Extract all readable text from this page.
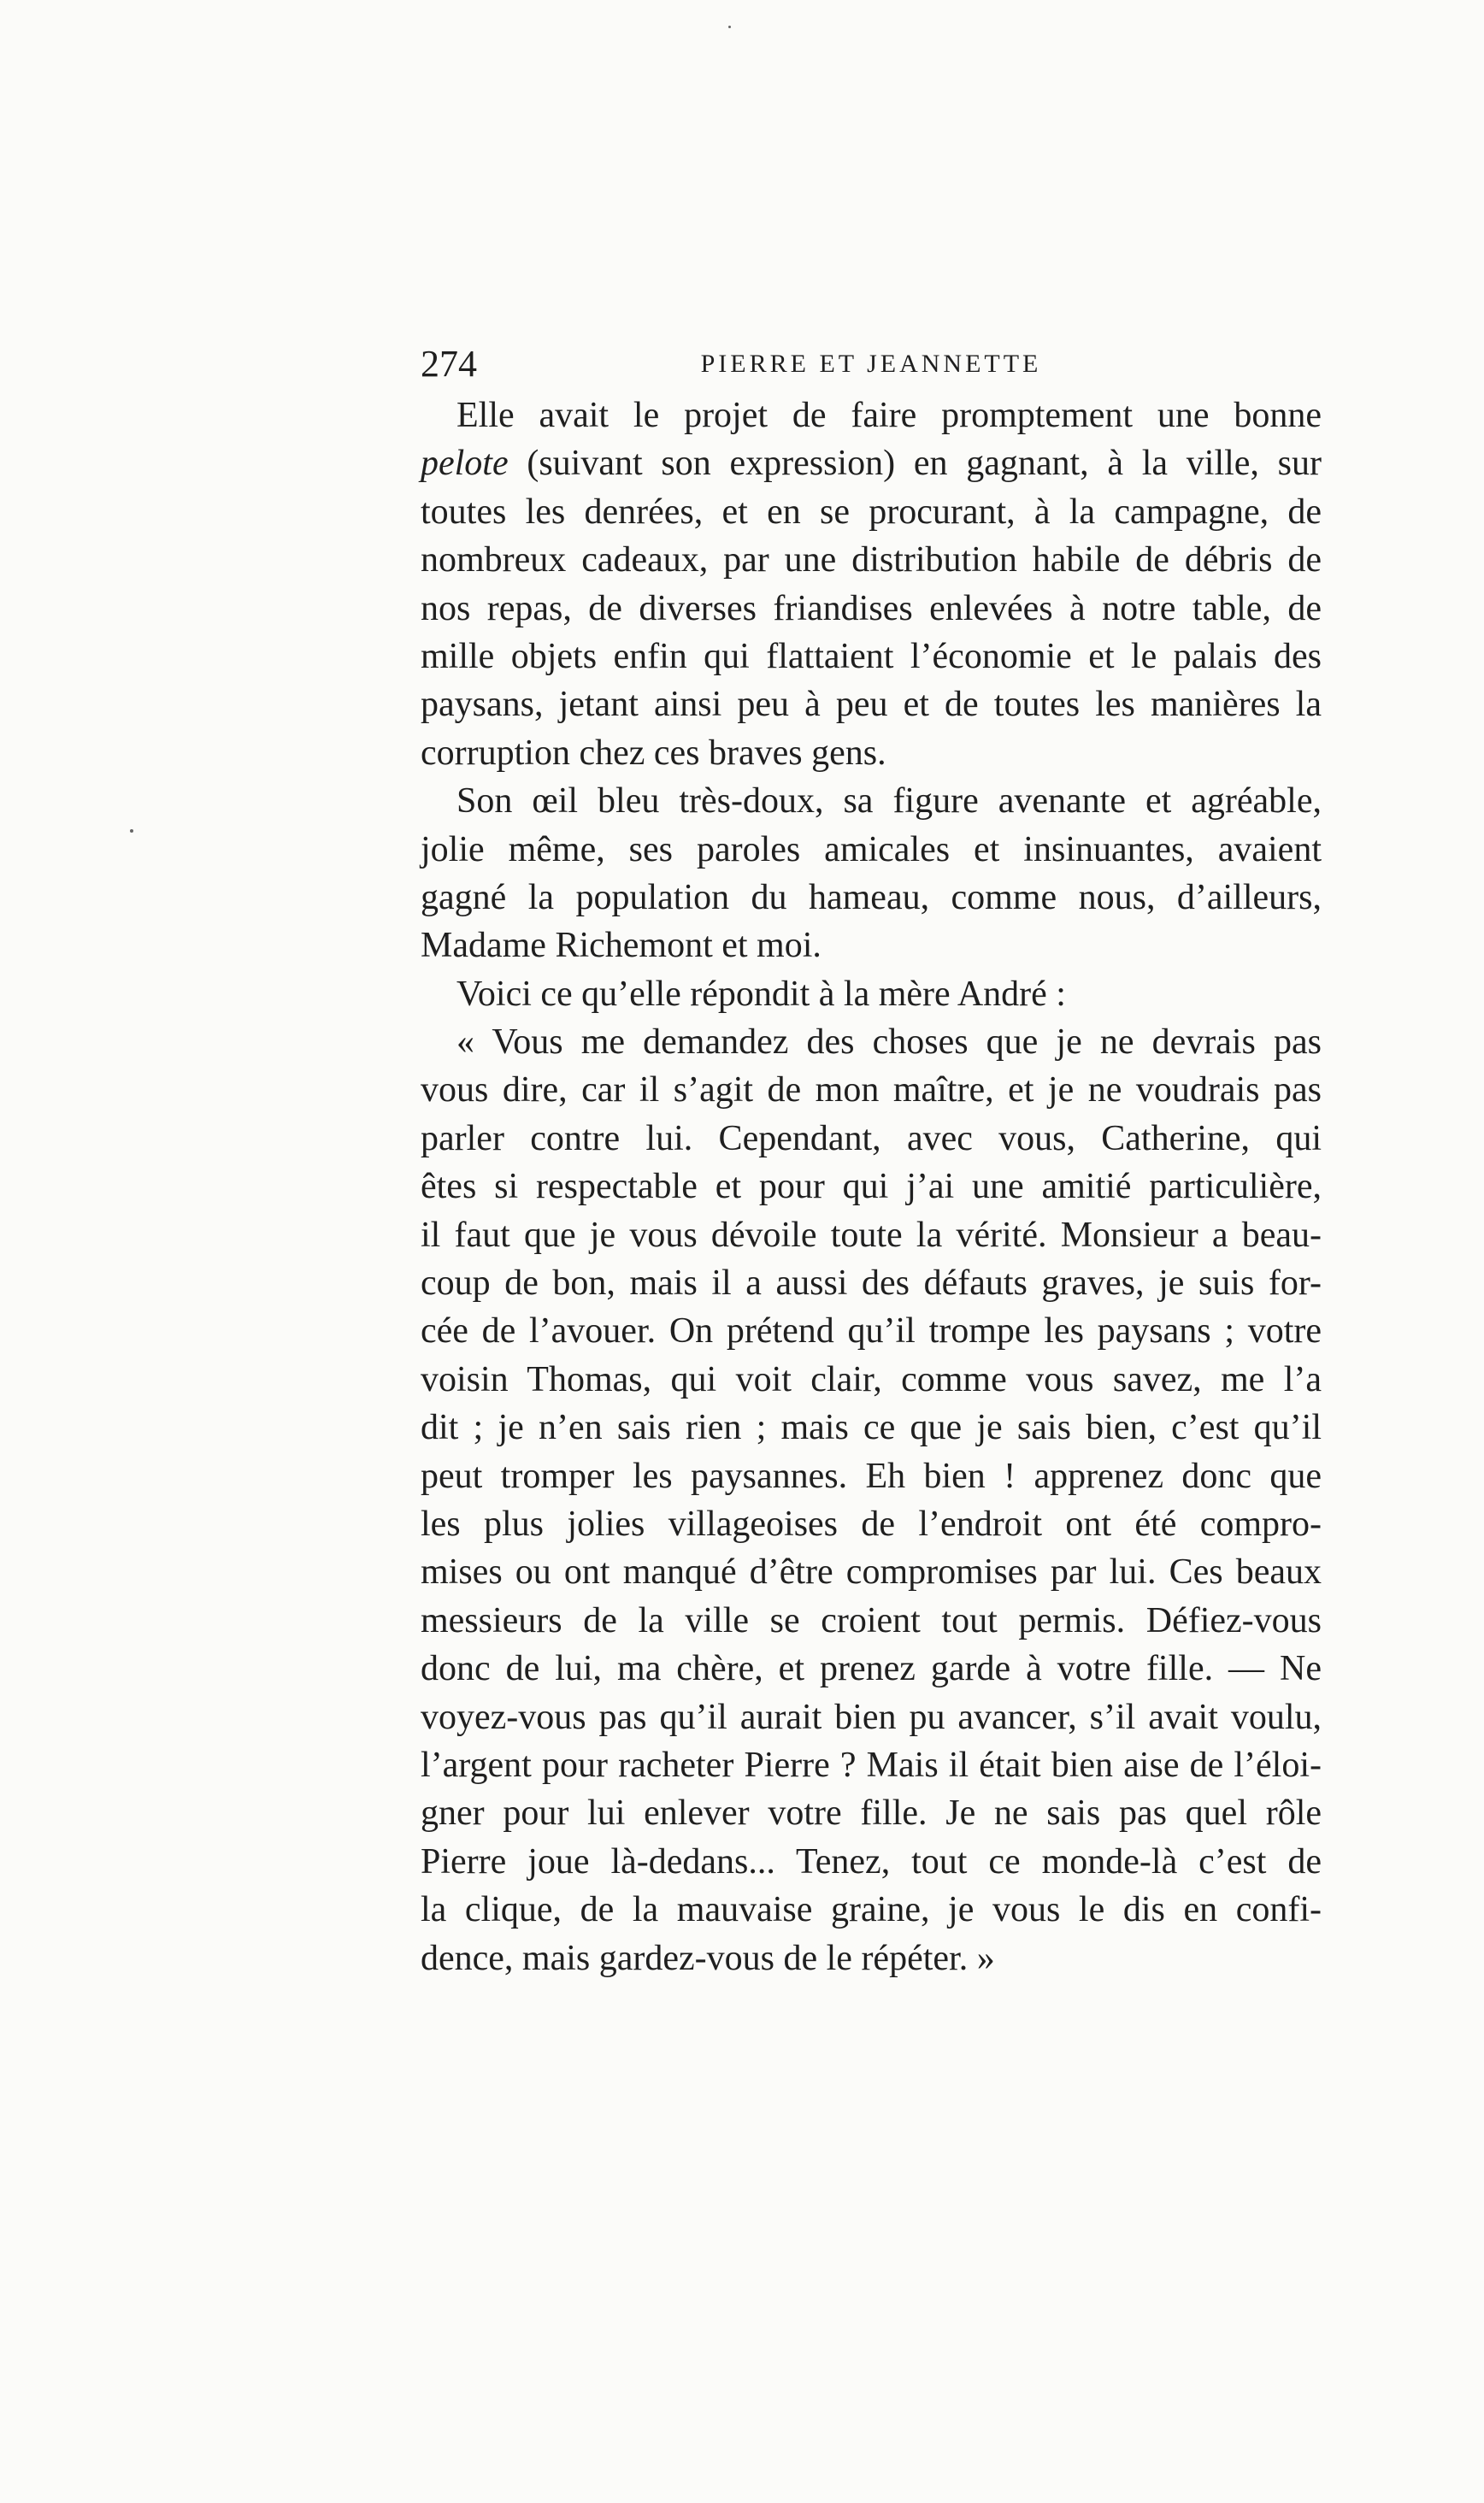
274	PIERRE ET JEANNETTE
Elle avait le projet de faire promptement une bonne
pelote (suivant son expression) en gagnant, à la ville, sur
toutes les denrées, et en se procurant, à la campagne, de
nombreux cadeaux, par une distribution habile de débris de
nos repas, de diverses friandises enlevées à notre table, de
mille objets enfin qui flattaient l’économie et le palais des
paysans, jetant ainsi peu à peu et de toutes les manières la
corruption chez ces braves gens.
Son œil bleu très-doux, sa figure avenante et agréable,
jolie même, ses paroles amicales et insinuantes, avaient
gagné la population du hameau, comme nous, d’ailleurs,
Madame Richemont et moi.
Voici ce qu’elle répondit à la mère André :
« Vous me demandez des choses que je ne devrais pas
vous dire, car il s’agit de mon maître, et je ne voudrais pas
parler contre lui. Cependant, avec vous, Catherine, qui
êtes si respectable et pour qui j’ai une amitié particulière,
il faut que je vous dévoile toute la vérité. Monsieur a beau-
coup de bon, mais il a aussi des défauts graves, je suis for-
cée de l’avouer. On prétend qu’il trompe les paysans ; votre
voisin Thomas, qui voit clair, comme vous savez, me l’a
dit ; je n’en sais rien ; mais ce que je sais bien, c’est qu’il
peut tromper les paysannes. Eh bien ! apprenez donc que
les plus jolies villageoises de l’endroit ont été compro-
mises ou ont manqué d’être compromises par lui. Ces beaux
messieurs de la ville se croient tout permis. Défiez-vous
donc de lui, ma chère, et prenez garde à votre fille. — Ne
voyez-vous pas qu’il aurait bien pu avancer, s’il avait voulu,
l’argent pour racheter Pierre ? Mais il était bien aise de l’éloi-
gner pour lui enlever votre fille. Je ne sais pas quel rôle
Pierre joue là-dedans... Tenez, tout ce monde-là c’est de
la clique, de la mauvaise graine, je vous le dis en confi-
dence, mais gardez-vous de le répéter. »
